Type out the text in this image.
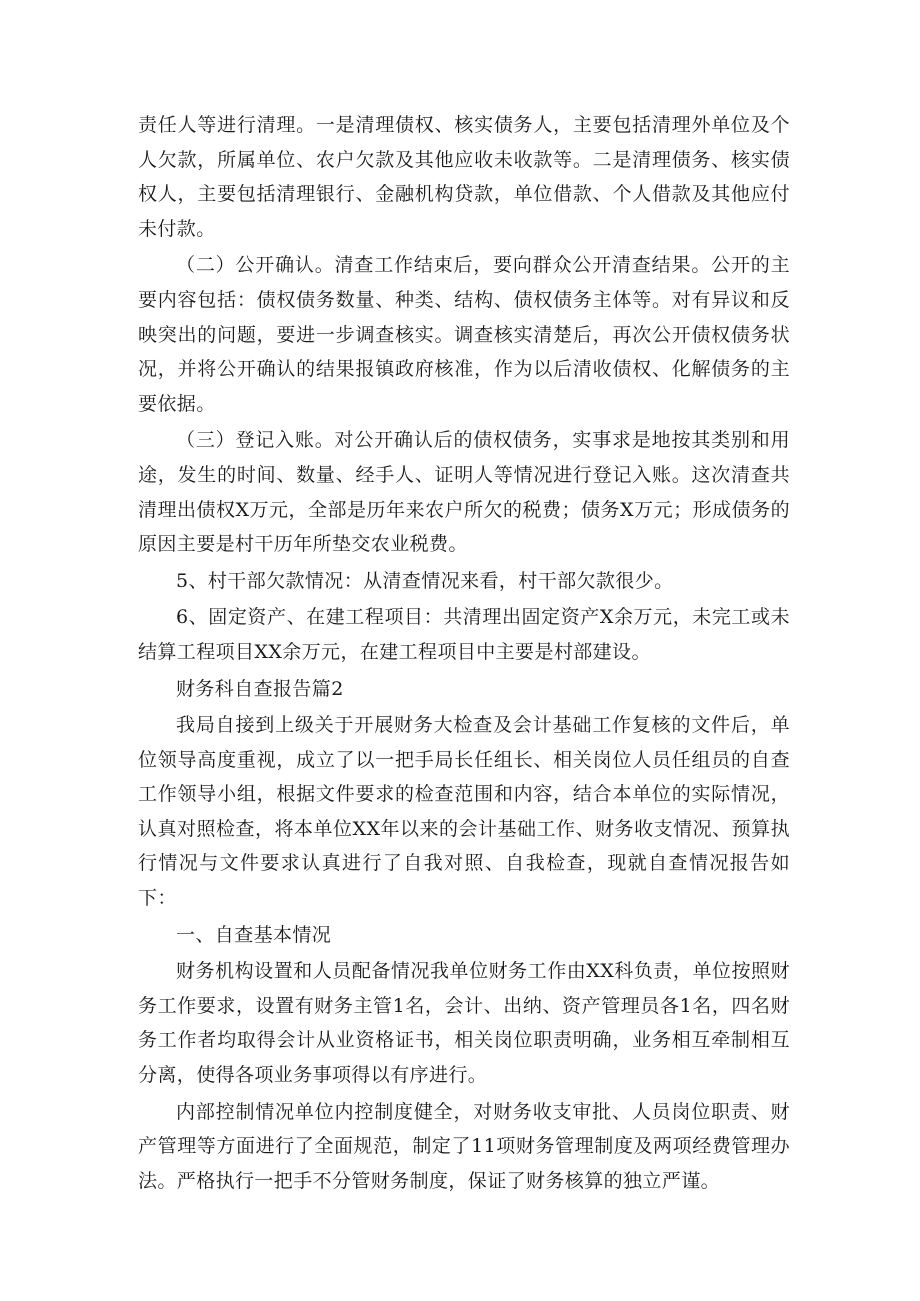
责任人等进行清理。一是清理债权、核实债务人，主要包括清理外单位及个人欠款，所属单位、农户欠款及其他应收未收款等。二是清理债务、核实债权人，主要包括清理银行、金融机构贷款，单位借款、个人借款及其他应付未付款。

（二）公开确认。清查工作结束后，要向群众公开清查结果。公开的主要内容包括：债权债务数量、种类、结构、债权债务主体等。对有异议和反映突出的问题，要进一步调查核实。调查核实清楚后，再次公开债权债务状况，并将公开确认的结果报镇政府核准，作为以后清收债权、化解债务的主要依据。

（三）登记入账。对公开确认后的债权债务，实事求是地按其类别和用途，发生的时间、数量、经手人、证明人等情况进行登记入账。这次清查共清理出债权X万元，全部是历年来农户所欠的税费；债务X万元；形成债务的原因主要是村干历年所垫交农业税费。

5、村干部欠款情况：从清查情况来看，村干部欠款很少。

6、固定资产、在建工程项目：共清理出固定资产X余万元，未完工或未结算工程项目XX余万元，在建工程项目中主要是村部建设。

财务科自查报告篇2

我局自接到上级关于开展财务大检查及会计基础工作复核的文件后，单位领导高度重视，成立了以一把手局长任组长、相关岗位人员任组员的自查工作领导小组，根据文件要求的检查范围和内容，结合本单位的实际情况，认真对照检查，将本单位XX年以来的会计基础工作、财务收支情况、预算执行情况与文件要求认真进行了自我对照、自我检查，现就自查情况报告如下：

一、自查基本情况

财务机构设置和人员配备情况我单位财务工作由XX科负责，单位按照财务工作要求，设置有财务主管1名，会计、出纳、资产管理员各1名，四名财务工作者均取得会计从业资格证书，相关岗位职责明确，业务相互牵制相互分离，使得各项业务事项得以有序进行。

内部控制情况单位内控制度健全，对财务收支审批、人员岗位职责、财产管理等方面进行了全面规范，制定了11项财务管理制度及两项经费管理办法。严格执行一把手不分管财务制度，保证了财务核算的独立严谨。
